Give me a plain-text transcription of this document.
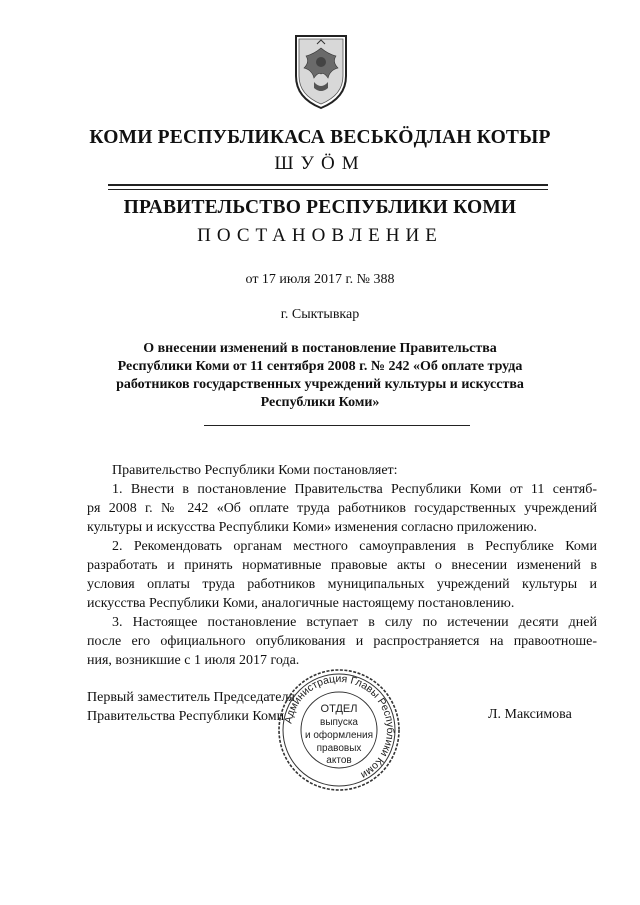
КОМИ РЕСПУБЛИКАСА ВЕСЬКӦДЛАН КОТЫР
ШУӦМ
ПРАВИТЕЛЬСТВО РЕСПУБЛИКИ КОМИ
ПОСТАНОВЛЕНИЕ
от 17 июля 2017 г. № 388
г. Сыктывкар
О внесении изменений в постановление Правительства
Республики Коми от 11 сентября 2008 г. № 242 «Об оплате труда
работников государственных учреждений культуры и искусства
Республики Коми»
Правительство Республики Коми постановляет:
1. Внести в постановление Правительства Республики Коми от 11 сентяб-
ря 2008 г. № 242 «Об оплате труда работников государственных учреждений
культуры и искусства Республики Коми» изменения согласно приложению.
2. Рекомендовать органам местного самоуправления в Республике Коми
разработать и принять нормативные правовые акты о внесении изменений в
условия оплаты труда работников муниципальных учреждений культуры и
искусства Республики Коми, аналогичные настоящему постановлению.
3. Настоящее постановление вступает в силу по истечении десяти дней
после его официального опубликования и распространяется на правоотноше-
ния, возникшие с 1 июля 2017 года.
Первый заместитель Председателя
Правительства Республики Коми	Л. Максимова
Администрация Главы Республики Коми
ОТДЕЛ
выпуска
и оформления
правовых
актов
